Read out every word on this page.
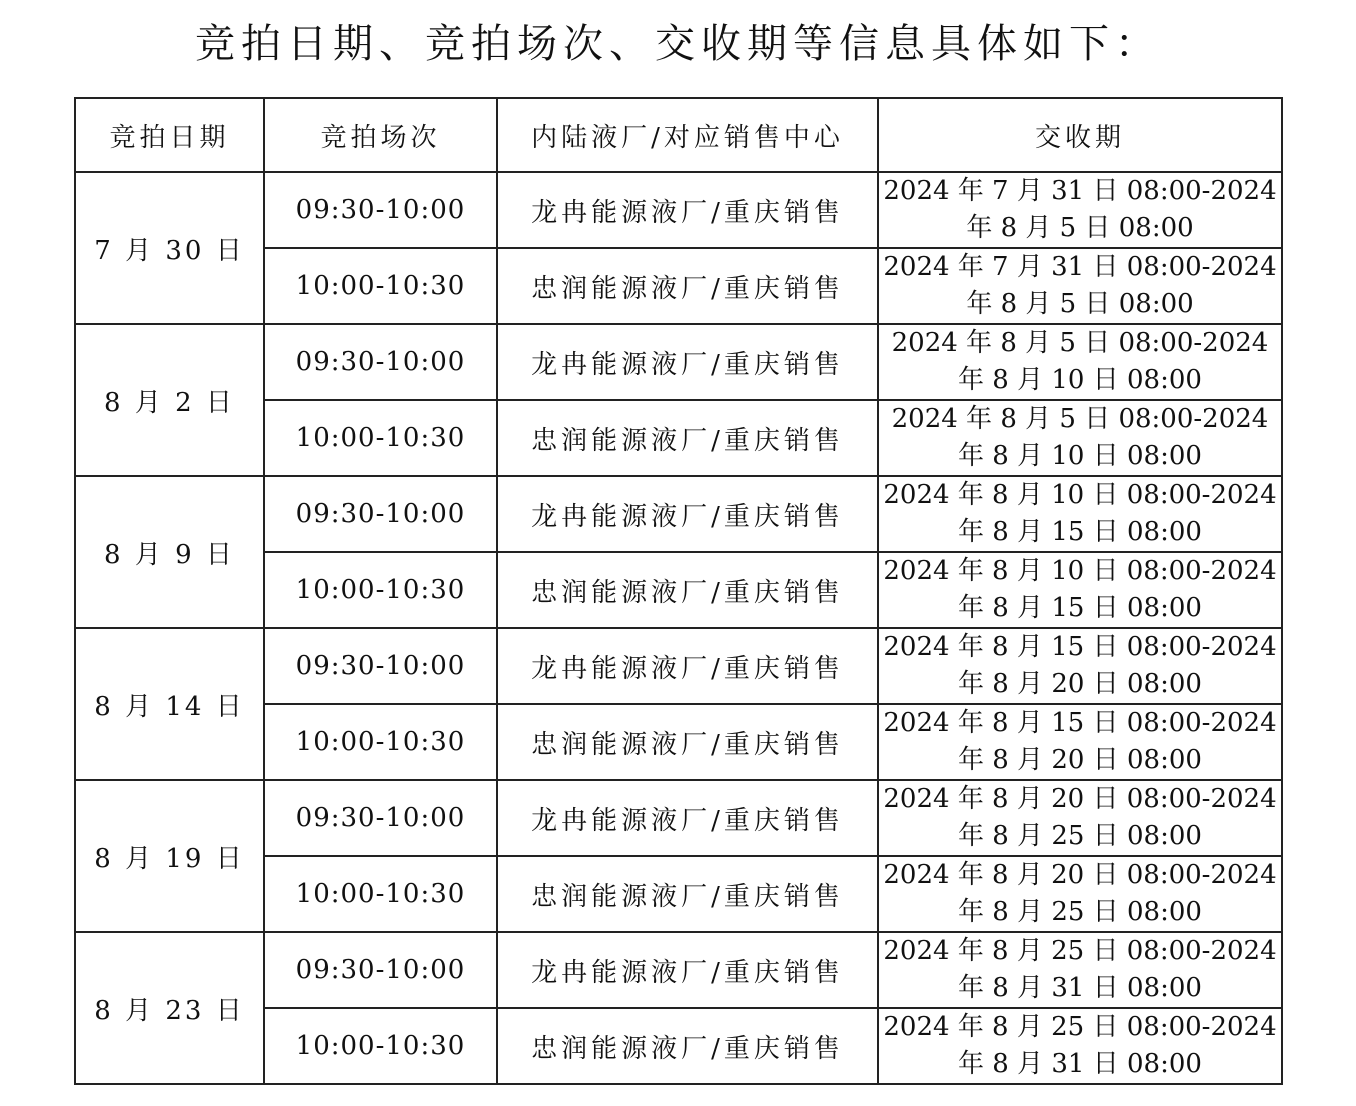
竞拍日期、竞拍场次、交收期等信息具体如下：
竞拍日期	竞拍场次	内陆液厂/对应销售中心	交收期
7 月 30 日	09:30-10:00	龙冉能源液厂/重庆销售	2024 年 7 月 31 日 08:00-2024
年 8 月 5 日 08:00

	10:00-10:30	忠润能源液厂/重庆销售	2024 年 7 月 31 日 08:00-2024
年 8 月 5 日 08:00

8 月 2 日	09:30-10:00	龙冉能源液厂/重庆销售	2024 年 8 月 5 日 08:00-2024
年 8 月 10 日 08:00

	10:00-10:30	忠润能源液厂/重庆销售	2024 年 8 月 5 日 08:00-2024
年 8 月 10 日 08:00

8 月 9 日	09:30-10:00	龙冉能源液厂/重庆销售	2024 年 8 月 10 日 08:00-2024
年 8 月 15 日 08:00

	10:00-10:30	忠润能源液厂/重庆销售	2024 年 8 月 10 日 08:00-2024
年 8 月 15 日 08:00

8 月 14 日	09:30-10:00	龙冉能源液厂/重庆销售	2024 年 8 月 15 日 08:00-2024
年 8 月 20 日 08:00

	10:00-10:30	忠润能源液厂/重庆销售	2024 年 8 月 15 日 08:00-2024
年 8 月 20 日 08:00

8 月 19 日	09:30-10:00	龙冉能源液厂/重庆销售	2024 年 8 月 20 日 08:00-2024
年 8 月 25 日 08:00

	10:00-10:30	忠润能源液厂/重庆销售	2024 年 8 月 20 日 08:00-2024
年 8 月 25 日 08:00

8 月 23 日	09:30-10:00	龙冉能源液厂/重庆销售	2024 年 8 月 25 日 08:00-2024
年 8 月 31 日 08:00

	10:00-10:30	忠润能源液厂/重庆销售	2024 年 8 月 25 日 08:00-2024
年 8 月 31 日 08:00
